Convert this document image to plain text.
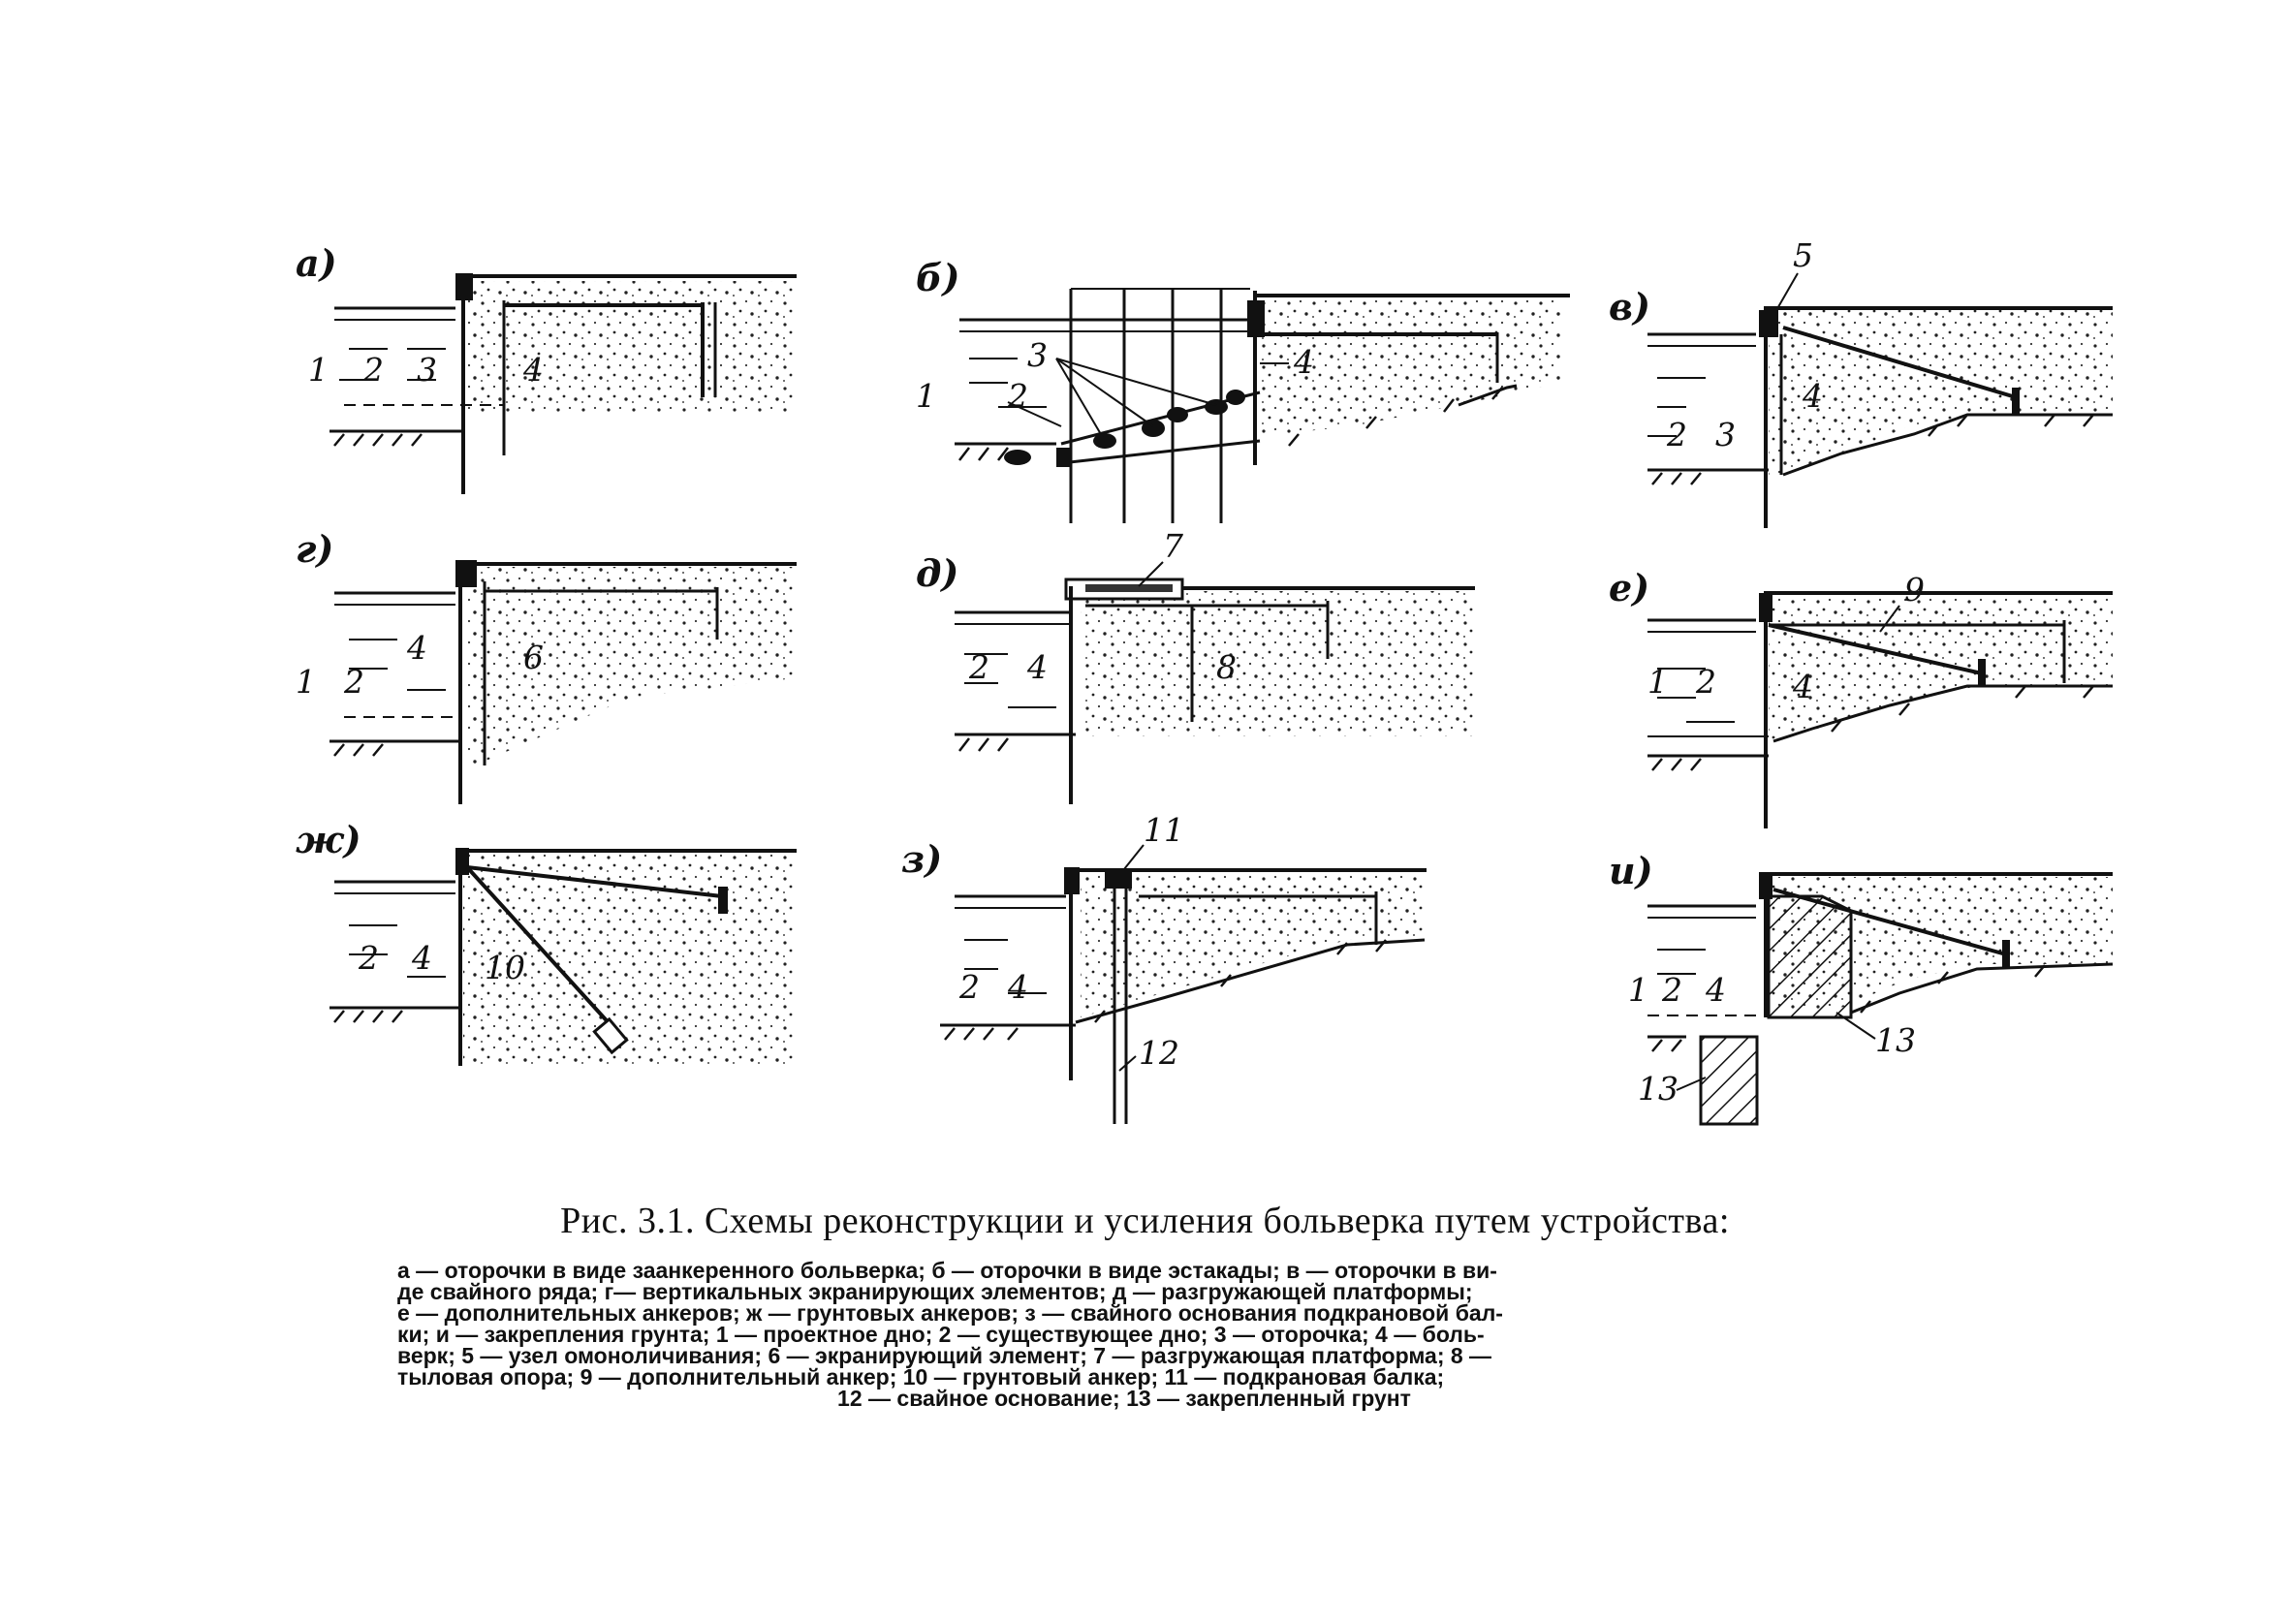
а)
1 2 3	4
б)
1 2
3	4
в)
5
4
2 3
г)
1 2
4	6
д)
7
2 4	8
е)	9
1 2 4
ж)
2 4 10
з)
11
2 4
12
и)
1 2 4
13
13
Рис. 3.1. Схемы реконструкции и усиления больверка путем устройства:
а — оторочки в виде заанкеренного больверка; б — оторочки в виде эстакады; в — оторочки в ви-
де свайного ряда; г— вертикальных экранирующих элементов; д — разгружающей платформы;
е — дополнительных анкеров; ж — грунтовых анкеров; з — свайного основания подкрановой бал-
ки; и — закрепления грунта; 1 — проектное дно; 2 — существующее дно; 3 — оторочка; 4 — боль-
верк; 5 — узел омоноличивания; 6 — экранирующий элемент; 7 — разгружающая платформа; 8 —
тыловая опора; 9 — дополнительный анкер; 10 — грунтовый анкер; 11 — подкрановая балка;
12 — свайное основание; 13 — закрепленный грунт
